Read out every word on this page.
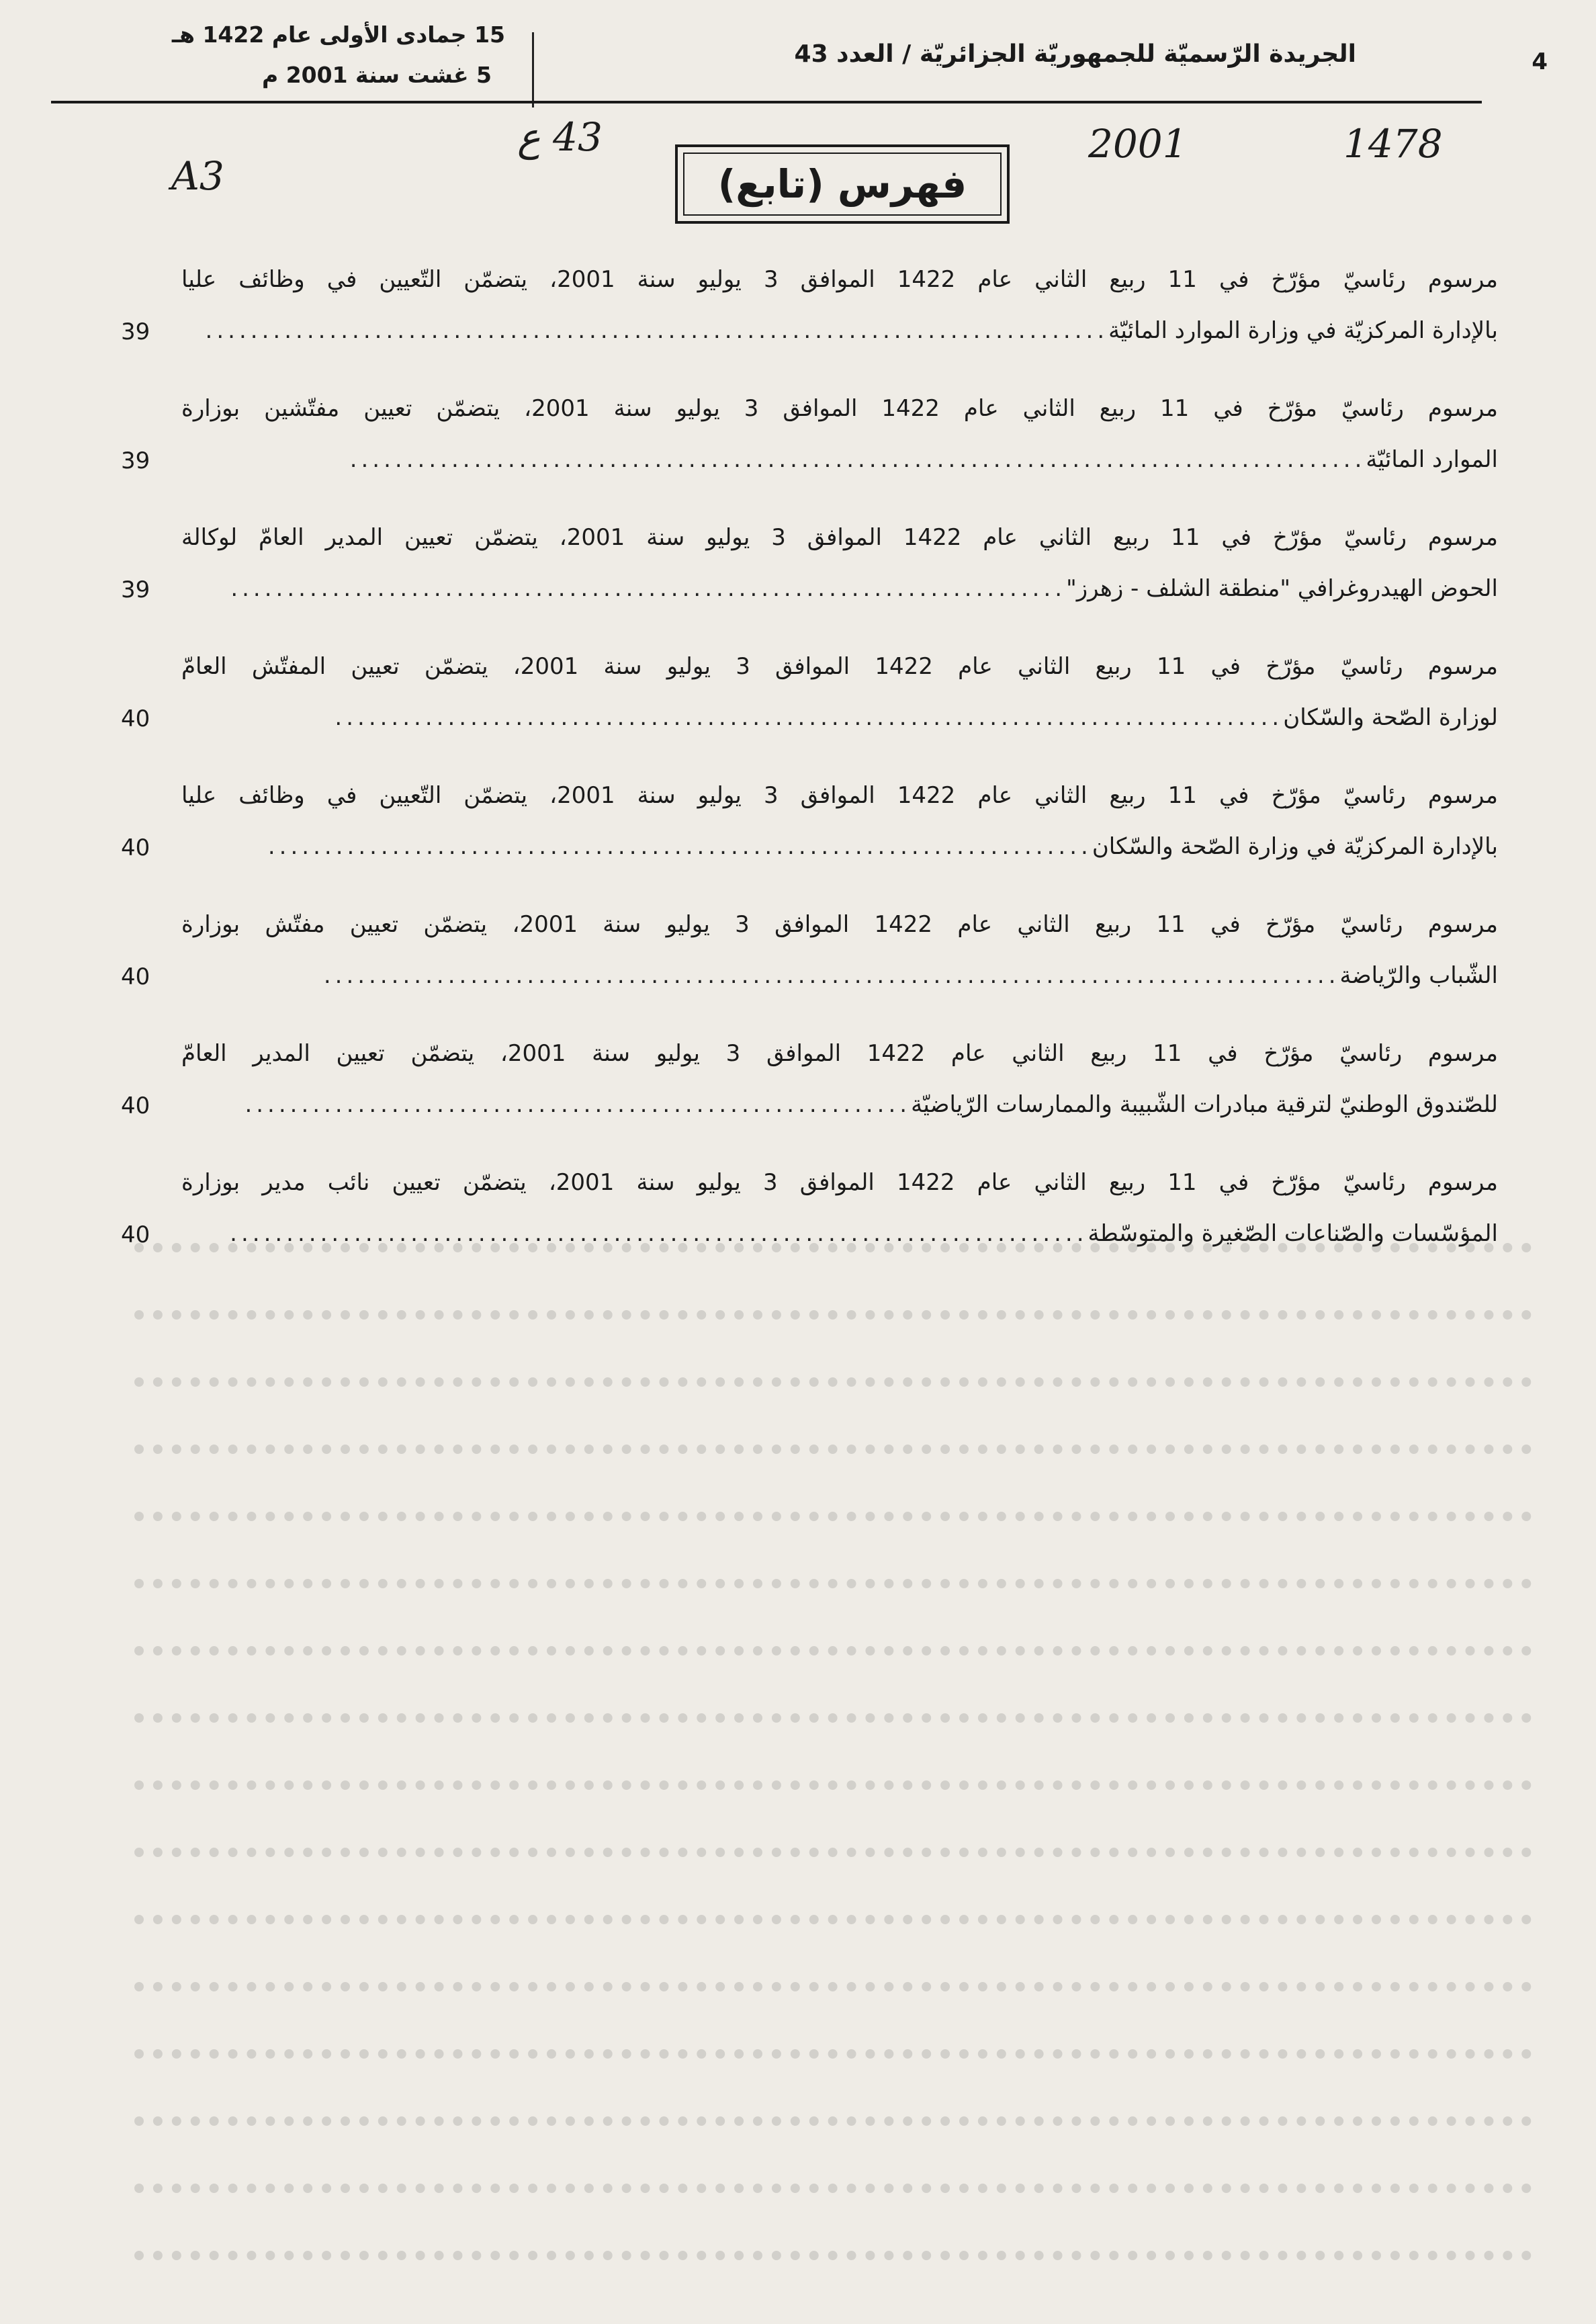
4
الجريدة الرّسميّة للجمهوريّة الجزائريّة / العدد 43
15 جمادى الأولى عام 1422 هـ
5 غشت سنة 2001 م
A3
43 ع	2001	1478
فهرس (تابع)
مرسوم رئاسيّ مؤرّخ في 11 ربيع الثاني عام 1422 الموافق 3 يوليو سنة 2001، يتضمّن التّعيين في وظائف عليا
بالإدارة المركزيّة في وزارة الموارد المائيّة
................................................................................
39
مرسوم رئاسيّ مؤرّخ في 11 ربيع الثاني عام 1422 الموافق 3 يوليو سنة 2001، يتضمّن تعيين مفتّشين بوزارة
الموارد المائيّة
..........................................................................................
39
مرسوم رئاسيّ مؤرّخ في 11 ربيع الثاني عام 1422 الموافق 3 يوليو سنة 2001، يتضمّن تعيين المدير العامّ لوكالة
الحوض الهيدروغرافي "منطقة الشلف - زهرز"
..........................................................................
39
مرسوم رئاسيّ مؤرّخ في 11 ربيع الثاني عام 1422 الموافق 3 يوليو سنة 2001، يتضمّن تعيين المفتّش العامّ
لوزارة الصّحة والسّكان
....................................................................................
40
مرسوم رئاسيّ مؤرّخ في 11 ربيع الثاني عام 1422 الموافق 3 يوليو سنة 2001، يتضمّن التّعيين في وظائف عليا
بالإدارة المركزيّة في وزارة الصّحة والسّكان
.........................................................................
40
مرسوم رئاسيّ مؤرّخ في 11 ربيع الثاني عام 1422 الموافق 3 يوليو سنة 2001، يتضمّن تعيين مفتّش بوزارة
الشّباب والرّياضة
..........................................................................................
40
مرسوم رئاسيّ مؤرّخ في 11 ربيع الثاني عام 1422 الموافق 3 يوليو سنة 2001، يتضمّن تعيين المدير العامّ
للصّندوق الوطنيّ لترقية مبادرات الشّبيبة والممارسات الرّياضيّة
...........................................................
40
مرسوم رئاسيّ مؤرّخ في 11 ربيع الثاني عام 1422 الموافق 3 يوليو سنة 2001، يتضمّن تعيين نائب مدير بوزارة
المؤسّسات والصّناعات الصّغيرة والمتوسّطة
............................................................................
40
